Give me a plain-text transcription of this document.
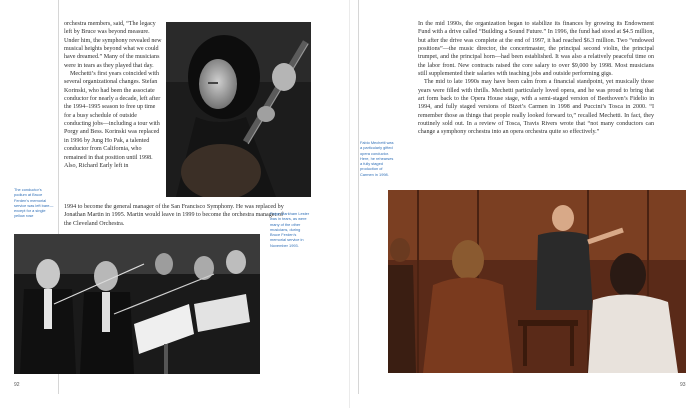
orchestra members, said, “The legacy left by Bruce was beyond measure. Under him, the symphony revealed new musical heights beyond what we could have dreamed.” Many of the musicians were in tears as they played that day.

Mechetti’s first years coincided with several organizational changes. Stefan Korinski, who had been the associate conductor for nearly a decade, left after the 1994–1995 season to free up time for a busy schedule of outside conducting jobs—including a tour with Porgy and Bess. Korinski was replaced in 1996 by Jung Ho Pak, a talented conductor from California, who remained in that position until 1998. Also, Richard Early left in

1994 to become the general manager of the San Francisco Symphony. He was replaced by Jonathan Martin in 1995. Martin would leave in 1999 to become the orchestra manager of the Cleveland Orchestra.

The conductor’s podium at Bruce Ferden’s memorial service was left bare—except for a single yellow rose	Paige Markham Lester was in tears, as were many of the other musicians, during Bruce Ferden’s memorial service in November 1993.
92

In the mid 1990s, the organization began to stabilize its finances by growing its Endowment Fund with a drive called “Building a Sound Future.” In 1996, the fund had stood at $4.5 million, but after the drive was complete at the end of 1997, it had reached $6.3 million. Two “endowed positions”—the music director, the concertmaster, the principal second violin, the principal trumpet, and the principal horn—had been established. It was also a relatively peaceful time on the labor front. New contracts raised the core salary to over $9,000 by 1998. Most musicians still supplemented their salaries with teaching jobs and outside performing gigs.

The mid to late 1990s may have been calm from a financial standpoint, yet musically those years were filled with thrills. Mechetti particularly loved opera, and he was proud to bring that art form back to the Opera House stage, with a semi-staged version of Beethoven’s Fidelio in 1994, and fully staged versions of Bizet’s Carmen in 1998 and Puccini’s Tosca in 2000. “I remember those as things that people really looked forward to,” recalled Mechetti. In fact, they routinely sold out. In a review of Tosca, Travis Rivers wrote that “not many conductors can change a symphony orchestra into an opera orchestra quite so effectively.”

Fabio Mechetti was a particularly gifted opera conductor. Here, he rehearses a fully staged production of Carmen in 1998.
93
